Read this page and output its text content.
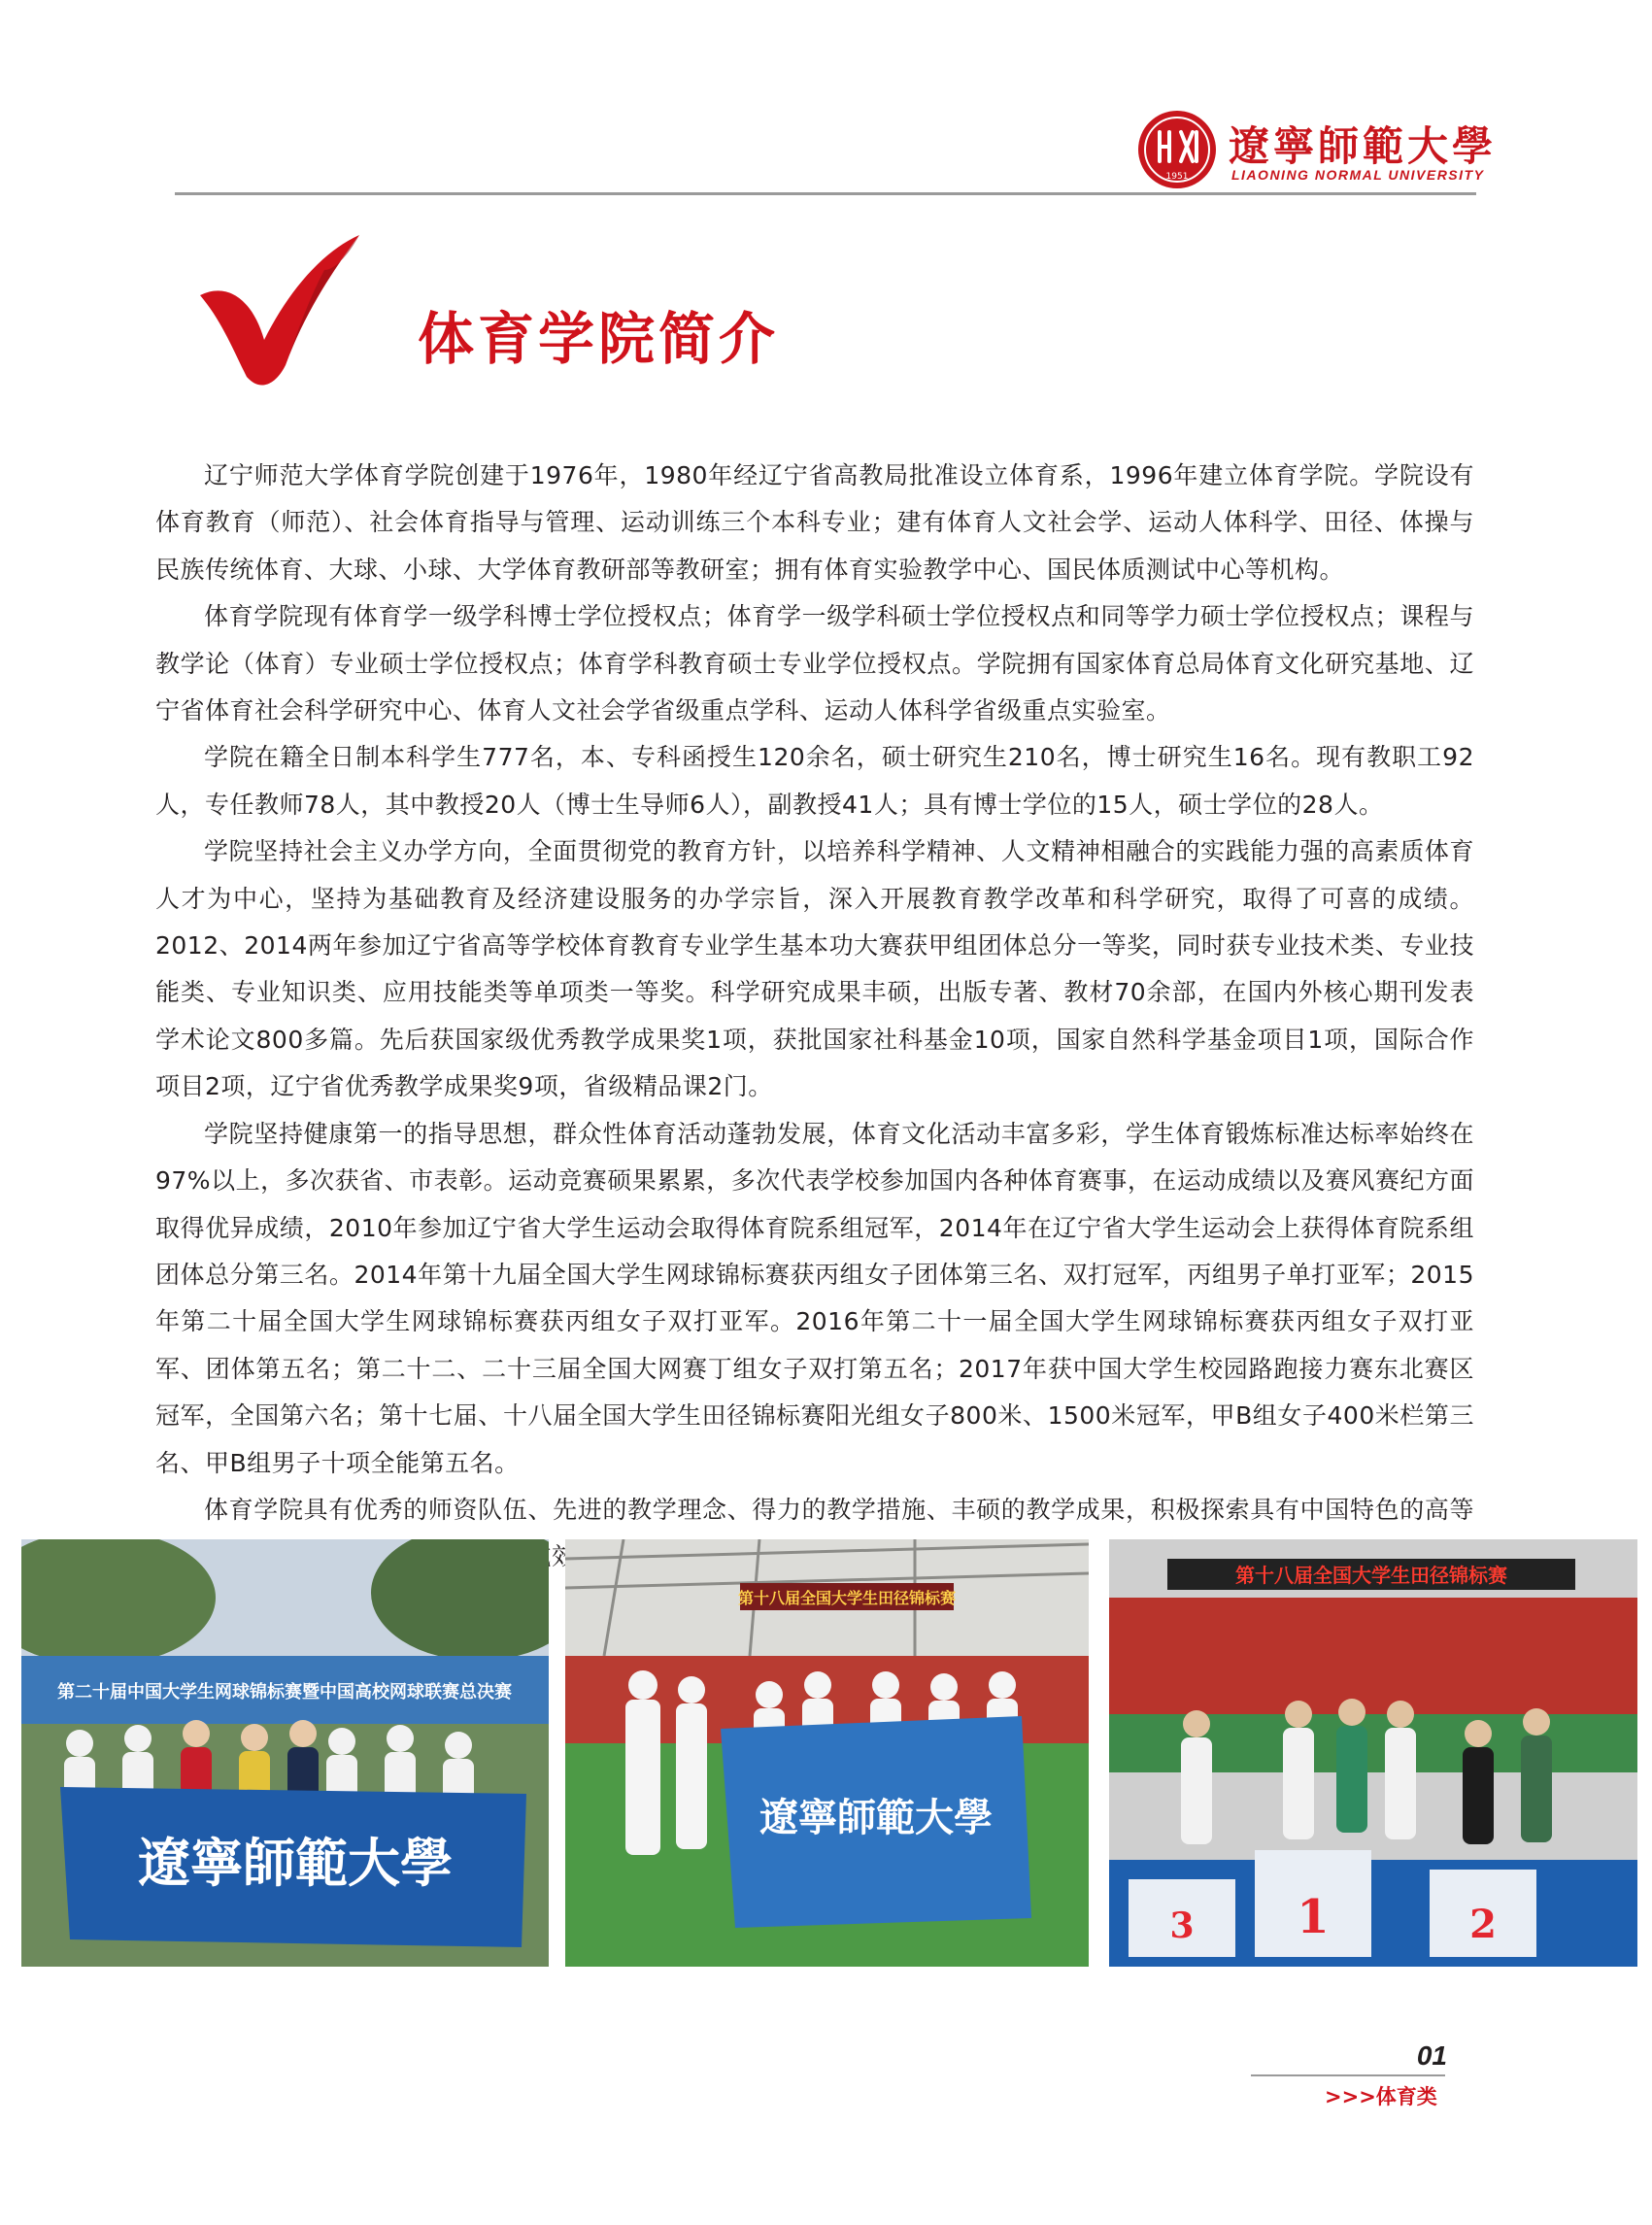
1951
遼寧師範大學
LIAONING NORMAL UNIVERSITY
体育学院简介

辽宁师范大学体育学院创建于1976年，1980年经辽宁省高教局批准设立体育系，1996年建立体育学院。学院设有体育教育（师范）、社会体育指导与管理、运动训练三个本科专业；建有体育人文社会学、运动人体科学、田径、体操与民族传统体育、大球、小球、大学体育教研部等教研室；拥有体育实验教学中心、国民体质测试中心等机构。

体育学院现有体育学一级学科博士学位授权点；体育学一级学科硕士学位授权点和同等学力硕士学位授权点；课程与教学论（体育）专业硕士学位授权点；体育学科教育硕士专业学位授权点。学院拥有国家体育总局体育文化研究基地、辽宁省体育社会科学研究中心、体育人文社会学省级重点学科、运动人体科学省级重点实验室。

学院在籍全日制本科学生777名，本、专科函授生120余名，硕士研究生210名，博士研究生16名。现有教职工92人，专任教师78人，其中教授20人（博士生导师6人），副教授41人；具有博士学位的15人，硕士学位的28人。

学院坚持社会主义办学方向，全面贯彻党的教育方针，以培养科学精神、人文精神相融合的实践能力强的高素质体育人才为中心，坚持为基础教育及经济建设服务的办学宗旨，深入开展教育教学改革和科学研究，取得了可喜的成绩。2012、2014两年参加辽宁省高等学校体育教育专业学生基本功大赛获甲组团体总分一等奖，同时获专业技术类、专业技能类、专业知识类、应用技能类等单项类一等奖。科学研究成果丰硕，出版专著、教材70余部，在国内外核心期刊发表学术论文800多篇。先后获国家级优秀教学成果奖1项，获批国家社科基金10项，国家自然科学基金项目1项，国际合作项目2项，辽宁省优秀教学成果奖9项，省级精品课2门。

学院坚持健康第一的指导思想，群众性体育活动蓬勃发展，体育文化活动丰富多彩，学生体育锻炼标准达标率始终在97%以上，多次获省、市表彰。运动竞赛硕果累累，多次代表学校参加国内各种体育赛事，在运动成绩以及赛风赛纪方面取得优异成绩，2010年参加辽宁省大学生运动会取得体育院系组冠军，2014年在辽宁省大学生运动会上获得体育院系组团体总分第三名。2014年第十九届全国大学生网球锦标赛获丙组女子团体第三名、双打冠军，丙组男子单打亚军；2015年第二十届全国大学生网球锦标赛获丙组女子双打亚军。2016年第二十一届全国大学生网球锦标赛获丙组女子双打亚军、团体第五名；第二十二、二十三届全国大网赛丁组女子双打第五名；2017年获中国大学生校园路跑接力赛东北赛区冠军，全国第六名；第十七届、十八届全国大学生田径锦标赛阳光组女子800米、1500米冠军，甲B组女子400米栏第三名、甲B组男子十项全能第五名。

体育学院具有优秀的师资队伍、先进的教学理念、得力的教学措施、丰硕的教学成果，积极探索具有中国特色的高等 成效。

第二十届中国大学生网球锦标赛暨中国高校网球联赛总决赛
遼寧師範大學
第十八届全国大学生田径锦标赛
遼寧師範大學
第十八届全国大学生田径锦标赛
1	2
3
01
>>>体育类
